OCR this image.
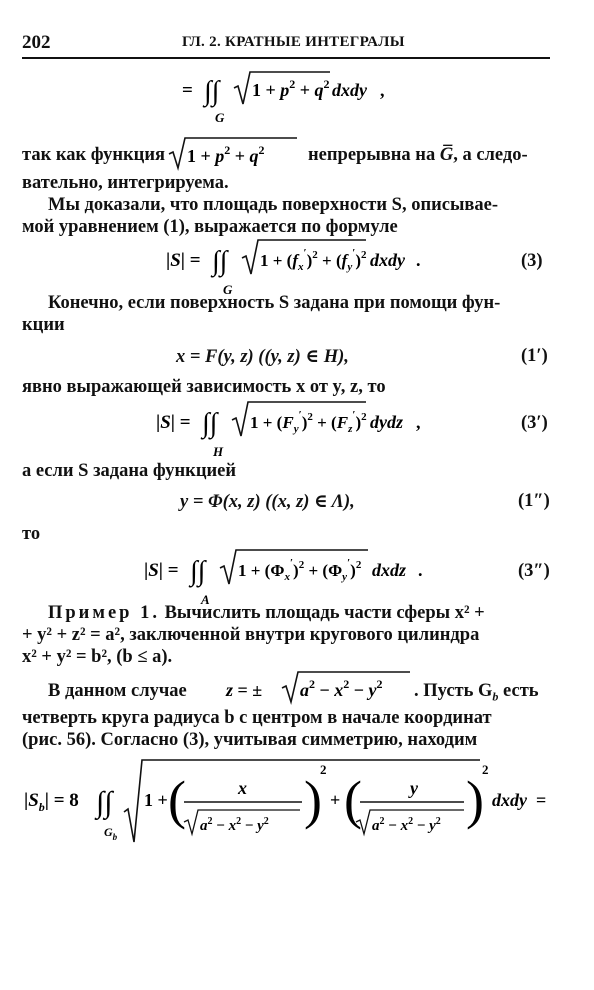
202	ГЛ. 2. КРАТНЫЕ ИНТЕГРАЛЫ
= ∫∫
G
$1 + p^2 + q^2$ dxdy ,
так как функция $1 + p^2 + q^2$ непрерывна на G̅, а следо-
вательно, интегрируема.
Мы доказали, что площадь поверхности S, описывае-
мой уравнением (1), выражается по формуле
|S| = ∫∫
G
$1 + (f_x')^2 + (f_y')^2$ dxdy .	(3)
Конечно, если поверхность S задана при помощи фун-
кции
x = F(y, z) ((y, z) ∈ H),	(1′)
явно выражающей зависимость x от y, z, то
|S| = ∫∫
H
$1 + (F_y')^2 + (F_z')^2$ dydz ,	(3′)
а если S задана функцией
y = Φ(x, z) ((x, z) ∈ Λ),	(1″)
то
|S| = ∫∫
A
$1 + (\Phi_x')^2 + (\Phi_y')^2$ dxdz .	(3″)
Пример 1. Вычислить площадь части сферы x² +
+ y² + z² = a², заключенной внутри кругового цилиндра
x² + y² = b², (b ≤ a).
В данном случае z = ± $a^2 - x^2 - y^2$ . Пусть $G_b$ есть
четверть круга радиуса b с центром в начале координат
(рис. 56). Согласно (3), учитывая симметрию, находим
$|S_b| = 8$ ∫∫
$G_b$
1 + (	x
$a^2 - x^2 - y^2$ )
2
+ (	y
$a^2 - x^2 - y^2$ )
2
dxdy =
